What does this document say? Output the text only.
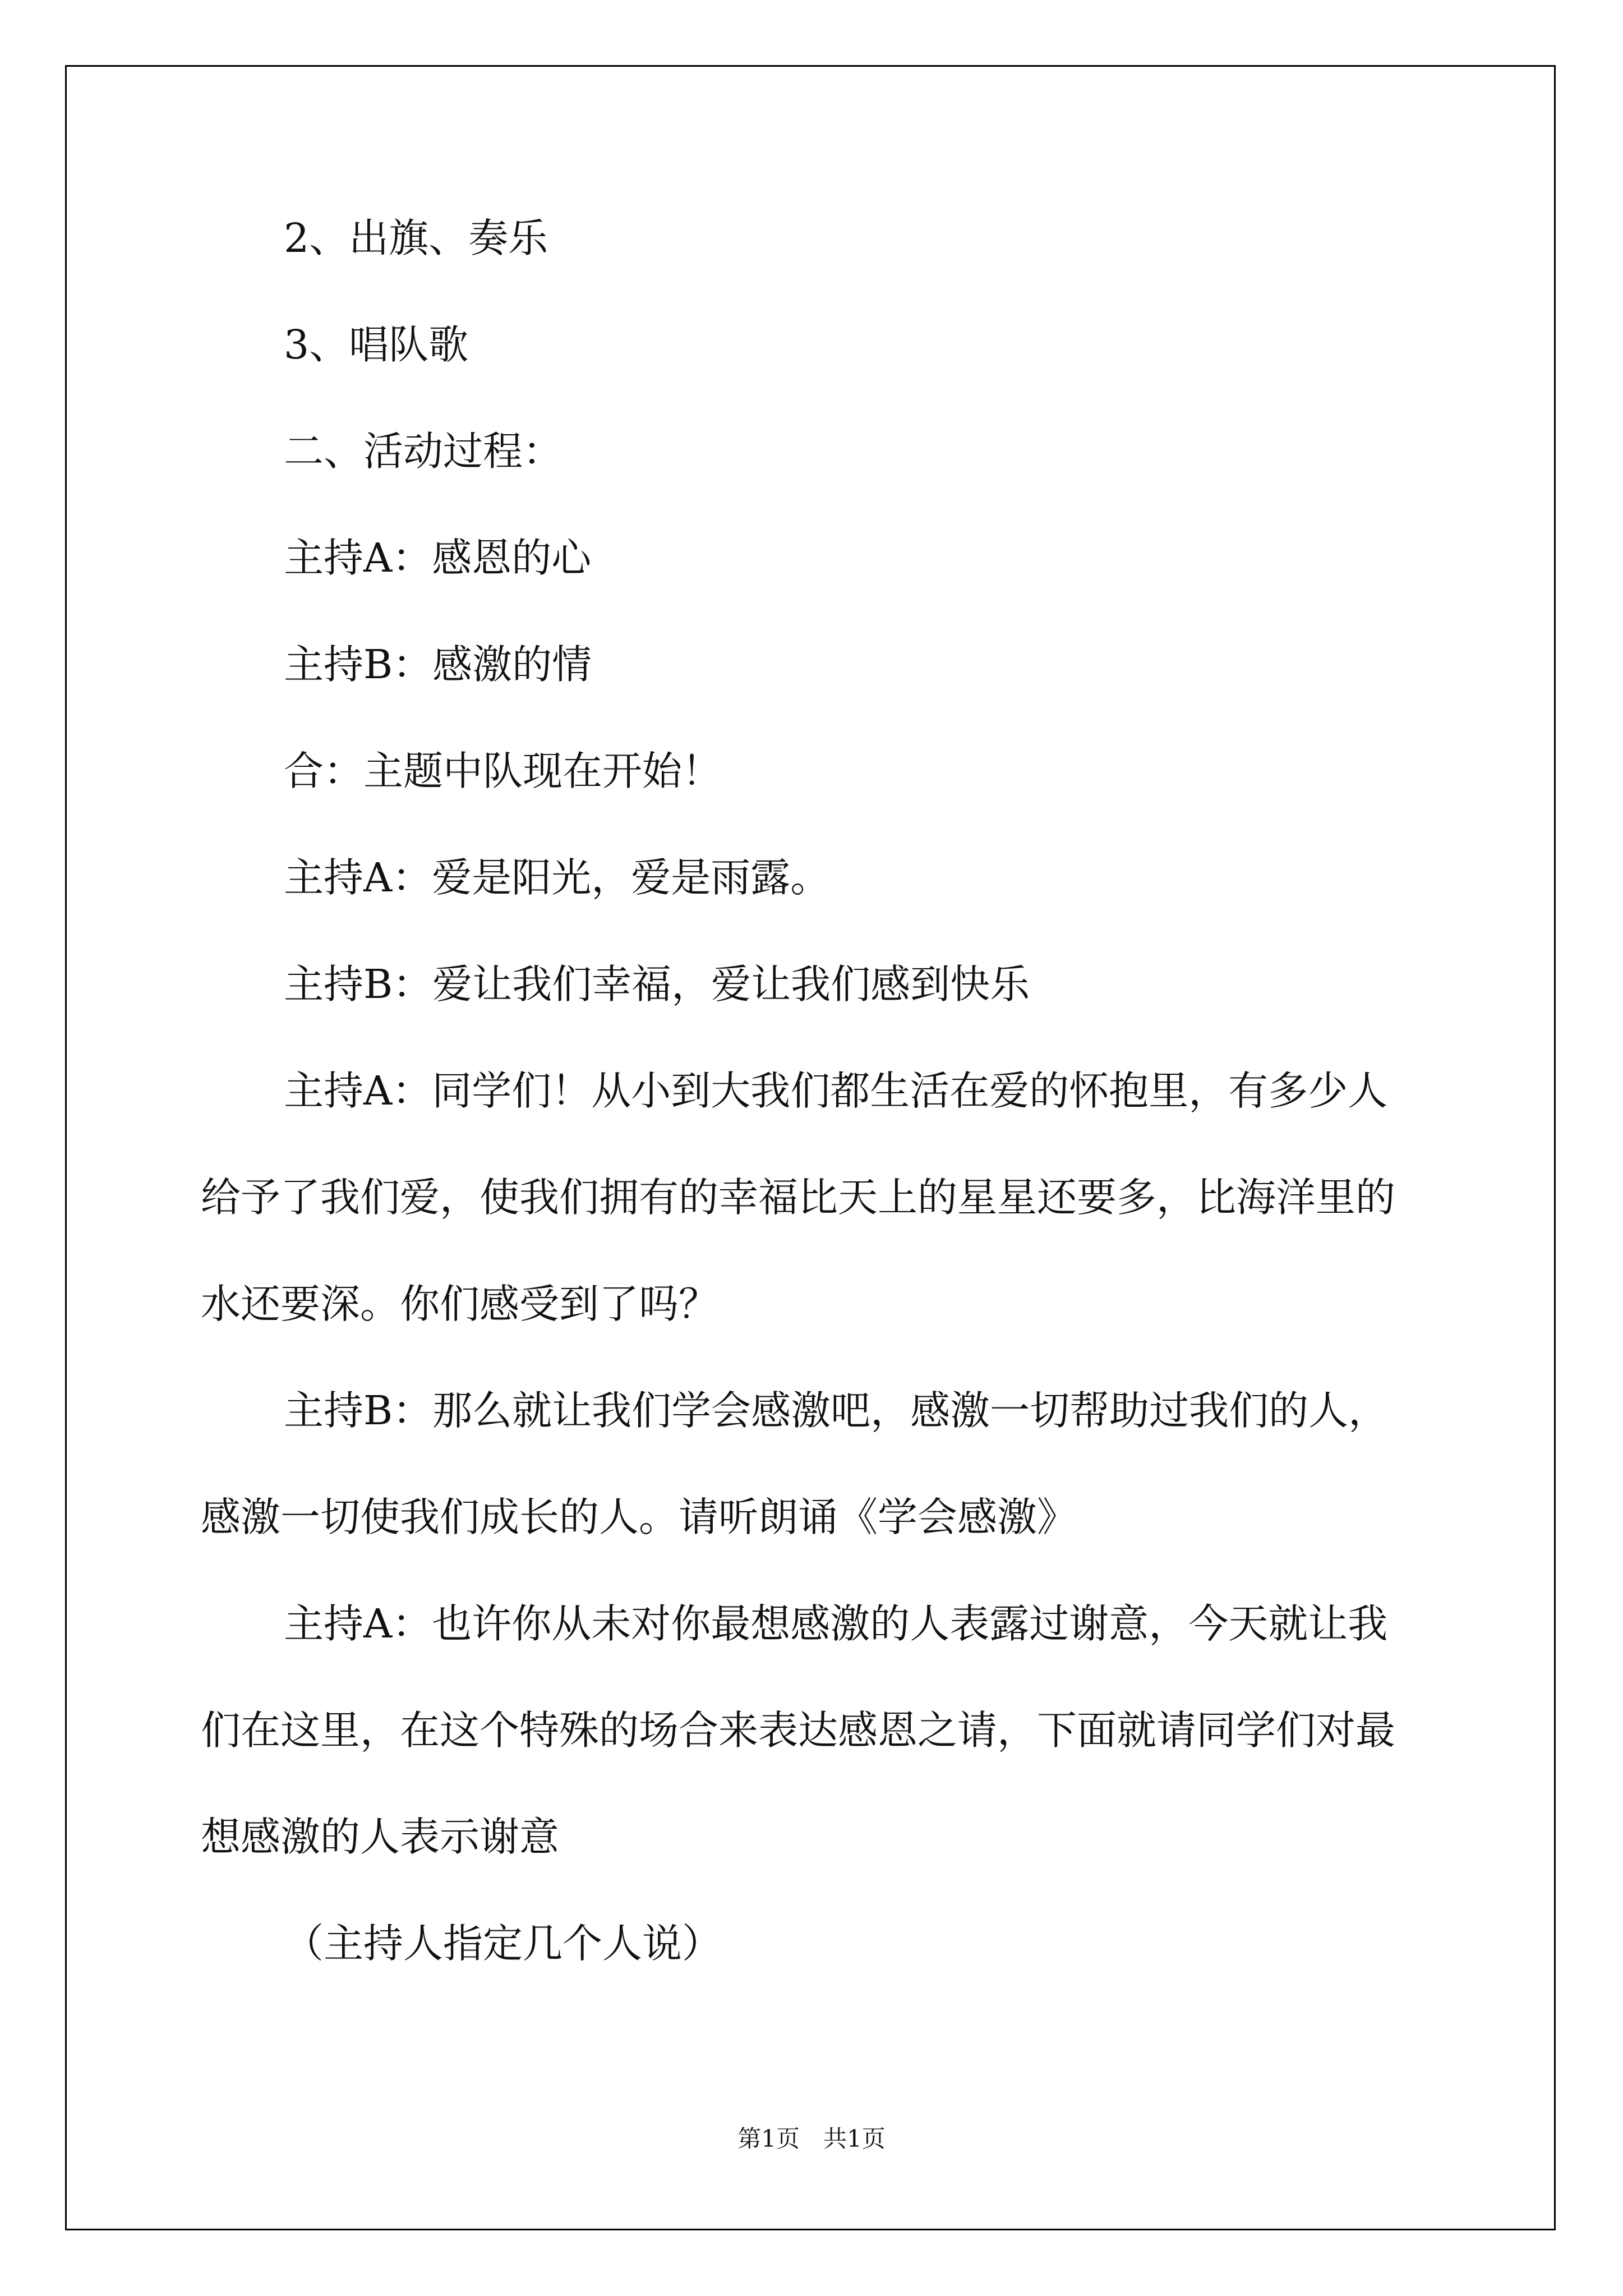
2、出旗、奏乐
3、唱队歌
二、活动过程：
主持A：感恩的心
主持B：感激的情
合：主题中队现在开始！
主持A：爱是阳光，爱是雨露。
主持B：爱让我们幸福，爱让我们感到快乐
主持A：同学们！从小到大我们都生活在爱的怀抱里，有多少人
给予了我们爱，使我们拥有的幸福比天上的星星还要多，比海洋里的
水还要深。你们感受到了吗？
主持B：那么就让我们学会感激吧，感激一切帮助过我们的人，
感激一切使我们成长的人。请听朗诵《学会感激》
主持A：也许你从未对你最想感激的人表露过谢意，今天就让我
们在这里，在这个特殊的场合来表达感恩之请，下面就请同学们对最
想感激的人表示谢意
（主持人指定几个人说）
第1页　共1页
